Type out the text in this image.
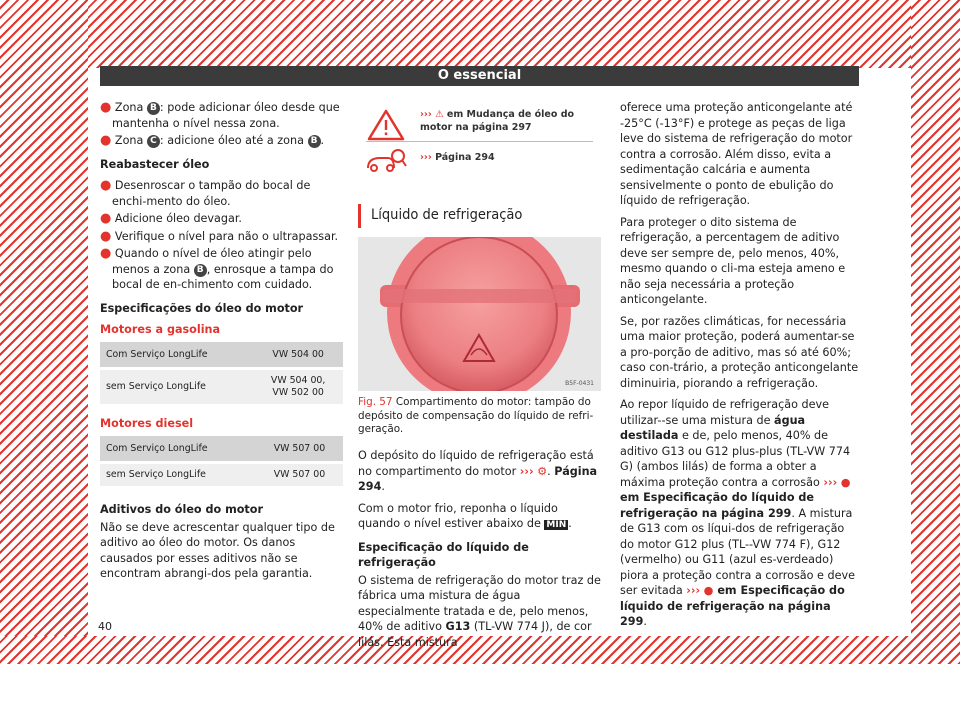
O essencial

● Zona B : pode adicionar óleo desde que mantenha o nível nessa zona.

● Zona C : adicione óleo até a zona B .

Reabastecer óleo

● Desenroscar o tampão do bocal de enchi-mento do óleo.

● Adicione óleo devagar.

● Verifique o nível para não o ultrapassar.

● Quando o nível de óleo atingir pelo menos a zona B , enrosque a tampa do bocal de en-chimento com cuidado.

Especificações do óleo do motor

Motores a gasolina

Com Serviço LongLife	VW 504 00
sem Serviço LongLife	VW 504 00,
VW 502 00

Motores diesel

Com Serviço LongLife	VW 507 00
sem Serviço LongLife	VW 507 00

Aditivos do óleo do motor

Não se deve acrescentar qualquer tipo de aditivo ao óleo do motor. Os danos causados por esses aditivos não se encontram abrangi-dos pela garantia.

››› ⚠ em Mudança de óleo do motor na página 297
››› Página 294
Líquido de refrigeração
B5F-0431
Fig. 57 Compartimento do motor: tampão do depósito de compensação do líquido de refri-geração.

O depósito do líquido de refrigeração está no compartimento do motor ››› ⚙. Página 294.

Com o motor frio, reponha o líquido quando o nível estiver abaixo de MIN .

Especificação do líquido de refrigeração

O sistema de refrigeração do motor traz de fábrica uma mistura de água especialmente tratada e de, pelo menos, 40% de aditivo G13 (TL-VW 774 J), de cor lilás. Esta mistura

oferece uma proteção anticongelante até -25°C (-13°F) e protege as peças de liga leve do sistema de refrigeração do motor contra a corrosão. Além disso, evita a sedimentação calcária e aumenta sensivelmente o ponto de ebulição do líquido de refrigeração.

Para proteger o dito sistema de refrigeração, a percentagem de aditivo deve ser sempre de, pelo menos, 40%, mesmo quando o cli-ma esteja ameno e não seja necessária a proteção anticongelante.

Se, por razões climáticas, for necessária uma maior proteção, poderá aumentar-se a pro-porção de aditivo, mas só até 60%; caso con-trário, a proteção anticongelante diminuiria, piorando a refrigeração.

Ao repor líquido de refrigeração deve utilizar--se uma mistura de água destilada e de, pelo menos, 40% de aditivo G13 ou G12 plus-plus (TL-VW 774 G) (ambos lilás) de forma a obter a máxima proteção contra a corrosão ››› ● em Especificação do líquido de refrigeração na página 299. A mistura de G13 com os líqui-dos de refrigeração do motor G12 plus (TL--VW 774 F), G12 (vermelho) ou G11 (azul es-verdeado) piora a proteção contra a corrosão e deve ser evitada ››› ● em Especificação do líquido de refrigeração na página 299.

40
